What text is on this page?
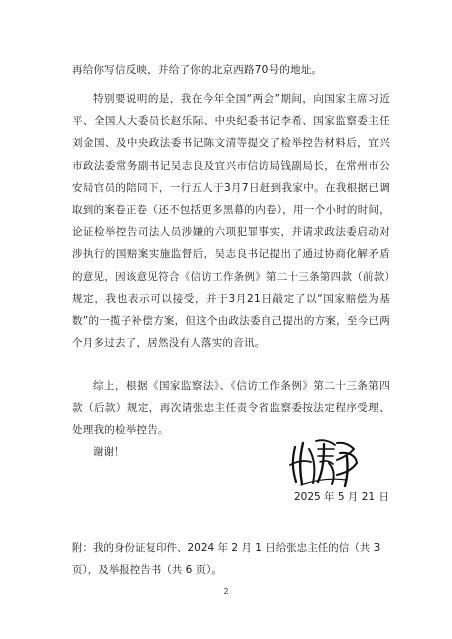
再给你写信反映，并给了你的北京西路70号的地址。

特别要说明的是，我在今年全国“两会”期间，向国家主席习近平、全国人大委员长赵乐际、中央纪委书记李希、国家监察委主任刘金国、及中央政法委书记陈文清等提交了检举控告材料后，宜兴市政法委常务副书记吴志良及宜兴市信访局钱副局长，在常州市公安局官员的陪同下，一行五人于3月7日赶到我家中。在我根据已调取到的案卷正卷（还不包括更多黑幕的内卷），用一个小时的时间，论证检举控告司法人员涉嫌的六项犯罪事实，并请求政法委启动对涉执行的国赔案实施监督后，吴志良书记提出了通过协商化解矛盾的意见，因该意见符合《信访工作条例》第二十三条第四款（前款）规定，我也表示可以接受，并于3月21日敲定了以“国家赔偿为基数”的一揽子补偿方案，但这个由政法委自己提出的方案，至今已两个月多过去了，居然没有人落实的音讯。

综上，根据《国家监察法》、《信访工作条例》第二十三条第四款（后款）规定，再次请张忠主任责令省监察委按法定程序受理、处理我的检举控告。

谢谢！

2025 年 5 月 21 日

附：我的身份证复印件、2024 年 2 月 1 日给张忠主任的信（共 3 页），及举报控告书（共 6 页）。

2
